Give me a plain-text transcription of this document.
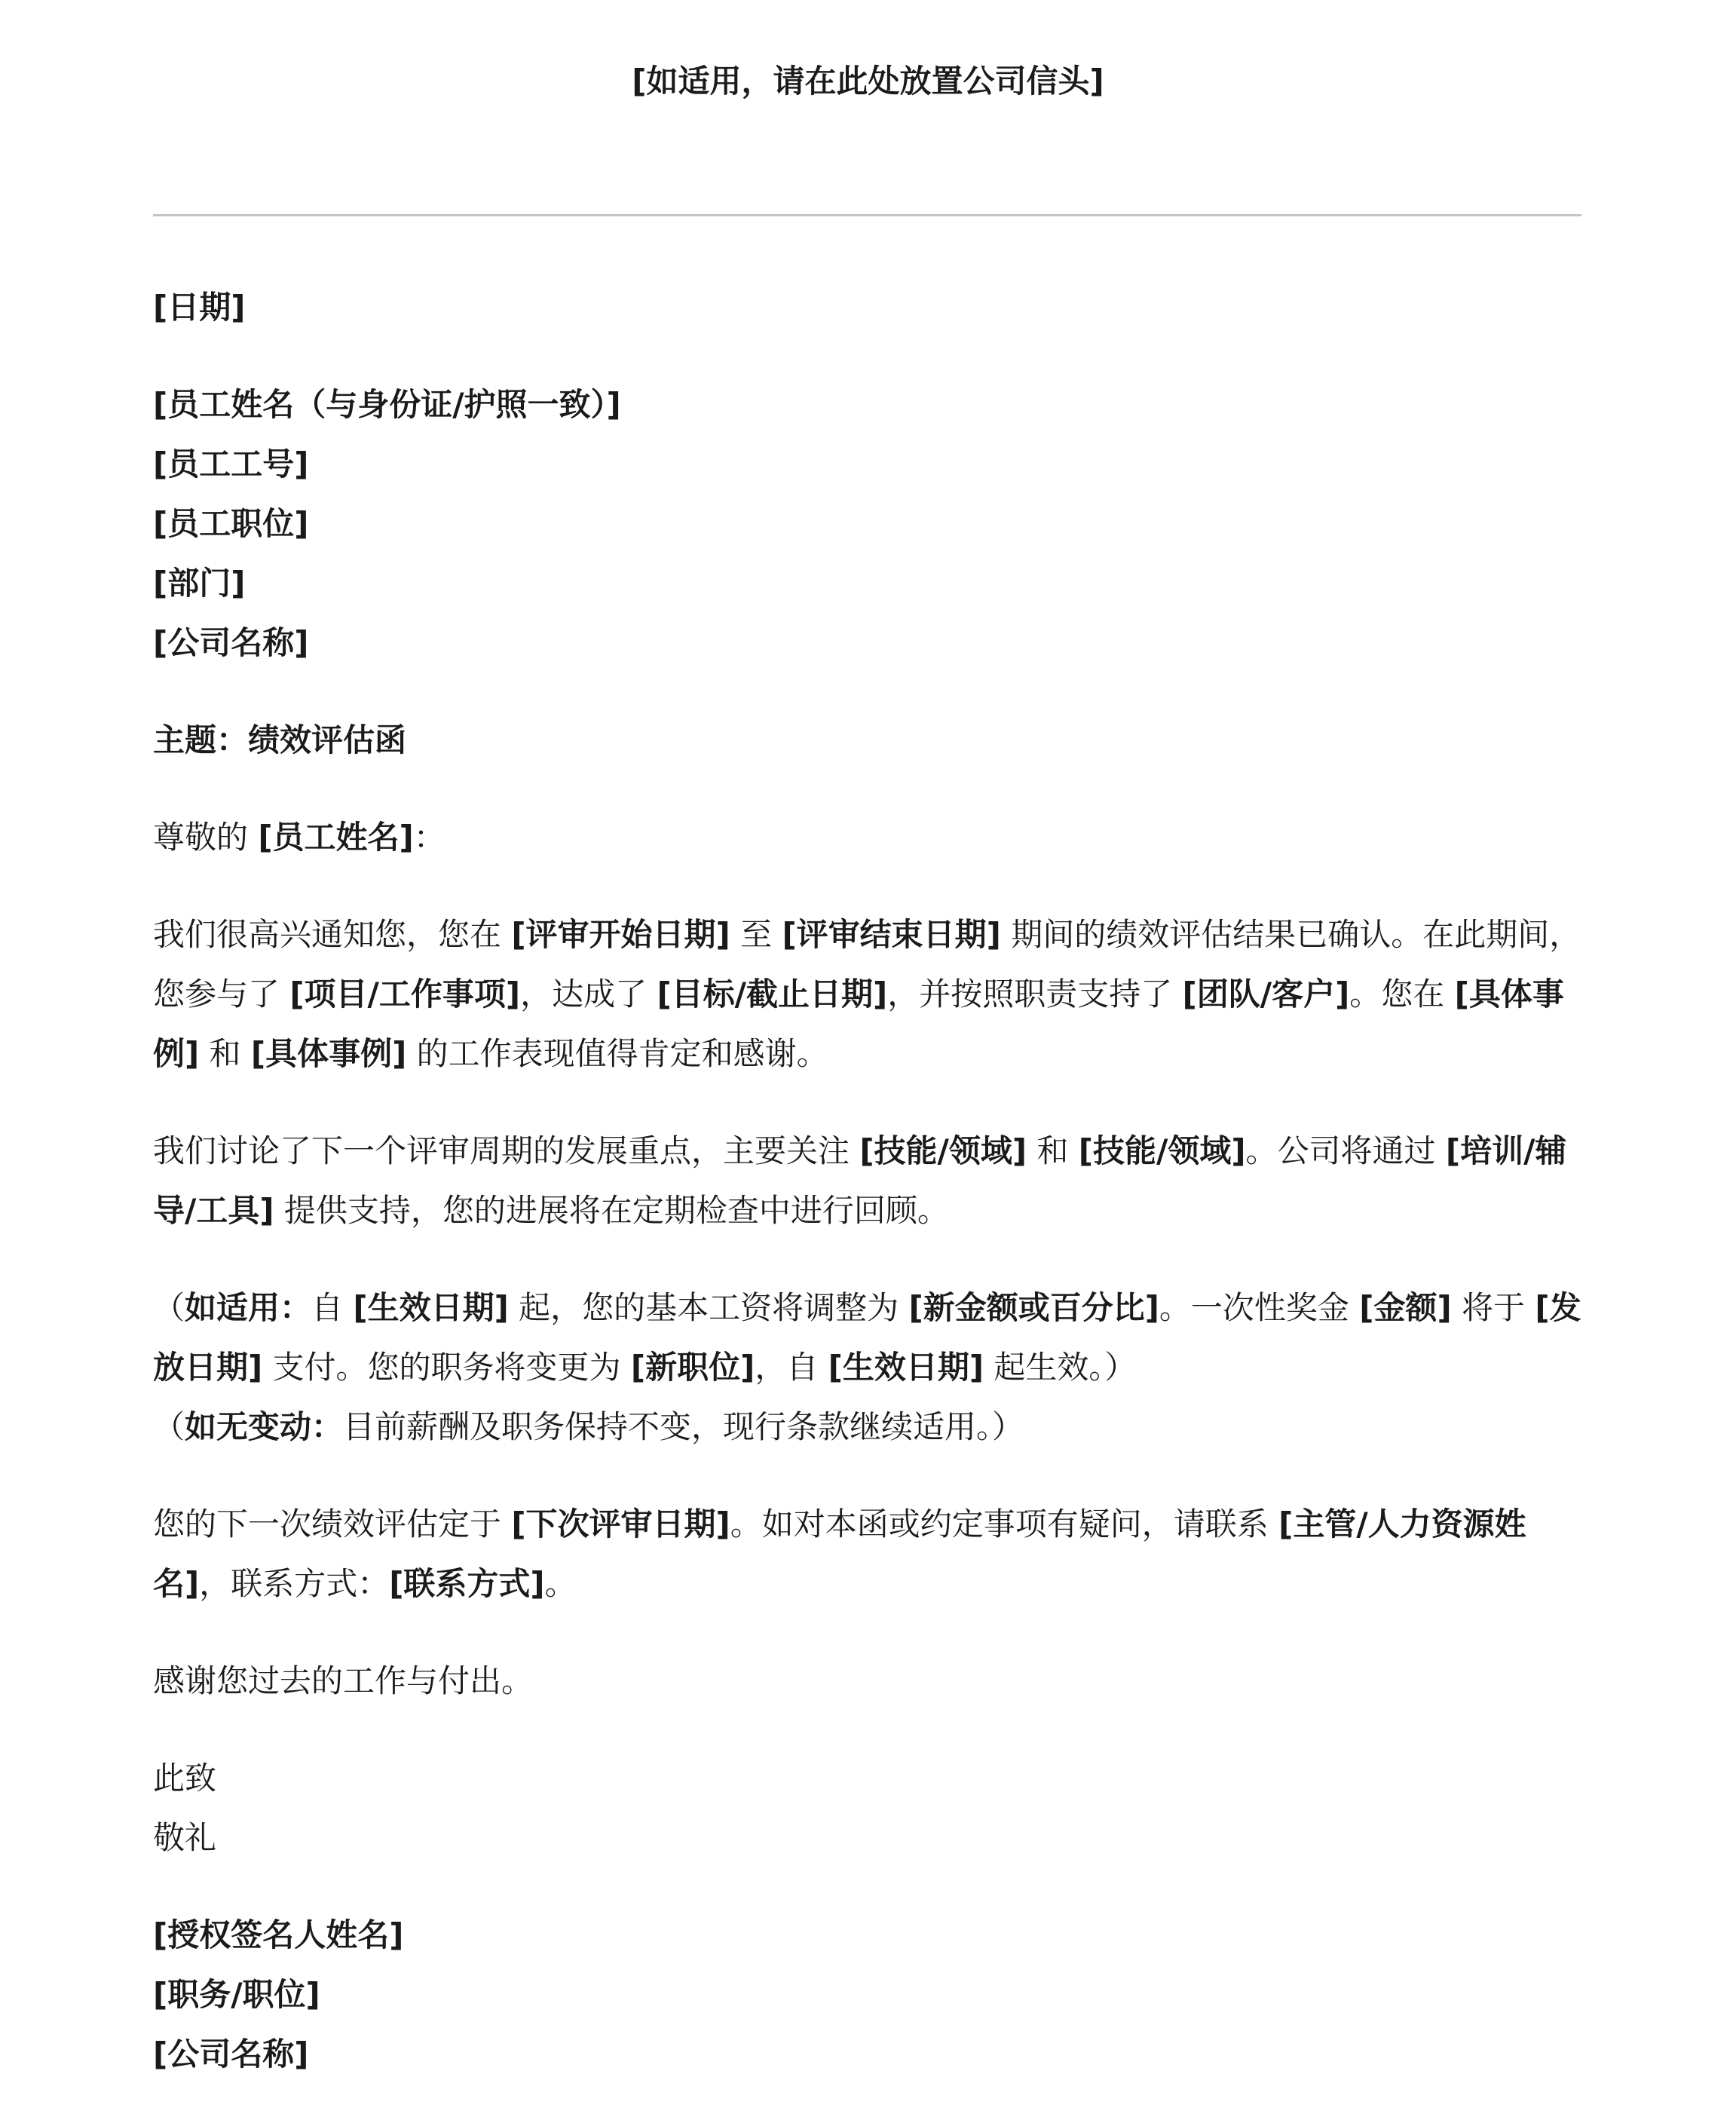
[如适用，请在此处放置公司信头]

[日期]

[员工姓名（与身份证/护照一致）]

[员工工号]

[员工职位]

[部门]

[公司名称]

主题：绩效评估函

尊敬的 [员工姓名]：

我们很高兴通知您，您在 [评审开始日期] 至 [评审结束日期] 期间的绩效评估结果已确认。在此期间，您参与了 [项目/工作事项]，达成了 [目标/截止日期]，并按照职责支持了 [团队/客户]。您在 [具体事例] 和 [具体事例] 的工作表现值得肯定和感谢。

我们讨论了下一个评审周期的发展重点，主要关注 [技能/领域] 和 [技能/领域]。公司将通过 [培训/辅导/工具] 提供支持，您的进展将在定期检查中进行回顾。

（如适用：自 [生效日期] 起，您的基本工资将调整为 [新金额或百分比]。一次性奖金 [金额] 将于 [发放日期] 支付。您的职务将变更为 [新职位]，自 [生效日期] 起生效。）

（如无变动：目前薪酬及职务保持不变，现行条款继续适用。）

您的下一次绩效评估定于 [下次评审日期]。如对本函或约定事项有疑问，请联系 [主管/人力资源姓名]，联系方式：[联系方式]。

感谢您过去的工作与付出。

此致

敬礼

[授权签名人姓名]

[职务/职位]

[公司名称]
